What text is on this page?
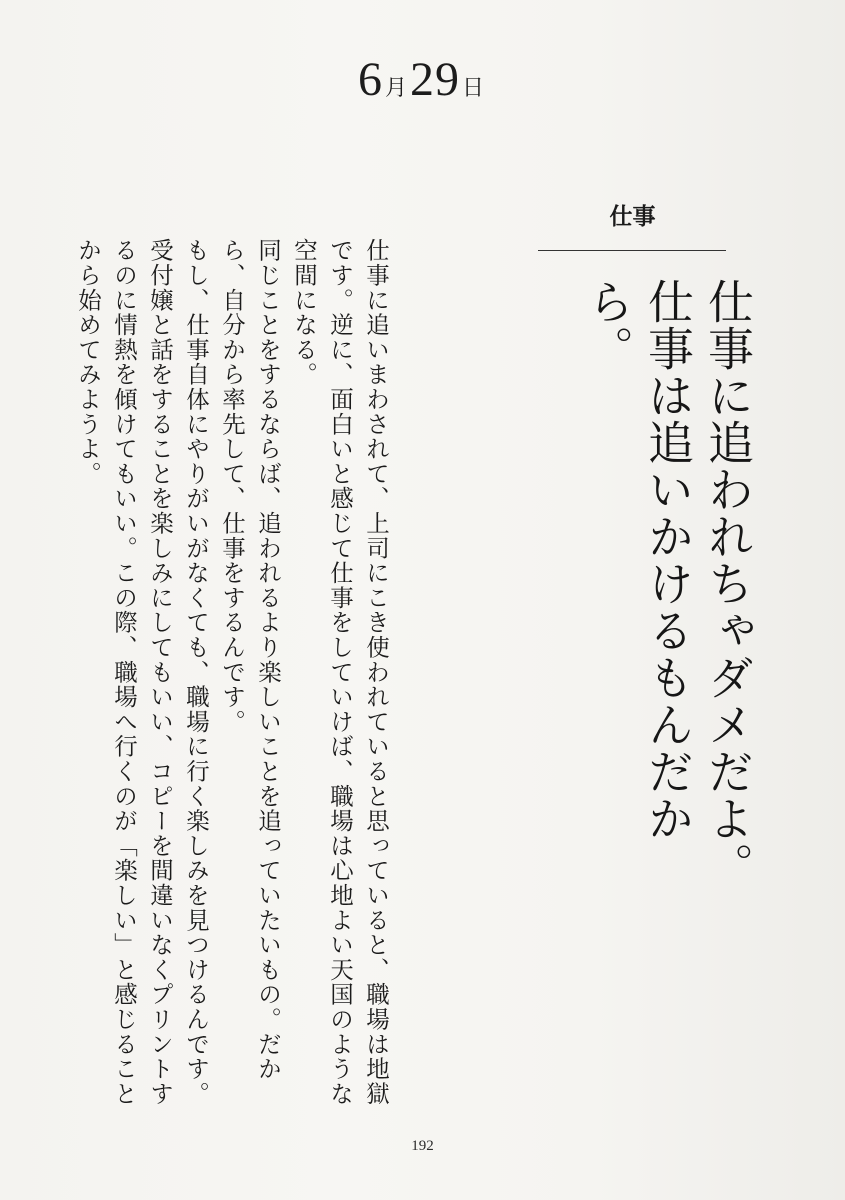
6月29日
仕事
仕事に追われちゃダメだよ。
仕事は追いかけるもんだから。

仕事に追いまわされて、上司にこき使われていると思っていると、職場は地獄です。逆に、面白いと感じて仕事をしていけば、職場は心地よい天国のような空間になる。

同じことをするならば、追われるより楽しいことを追っていたいもの。だから、自分から率先して、仕事をするんです。

もし、仕事自体にやりがいがなくても、職場に行く楽しみを見つけるんです。受付嬢と話をすることを楽しみにしてもいい、コピーを間違いなくプリントするのに情熱を傾けてもいい。この際、職場へ行くのが「楽しい」と感じることから始めてみようよ。

192
